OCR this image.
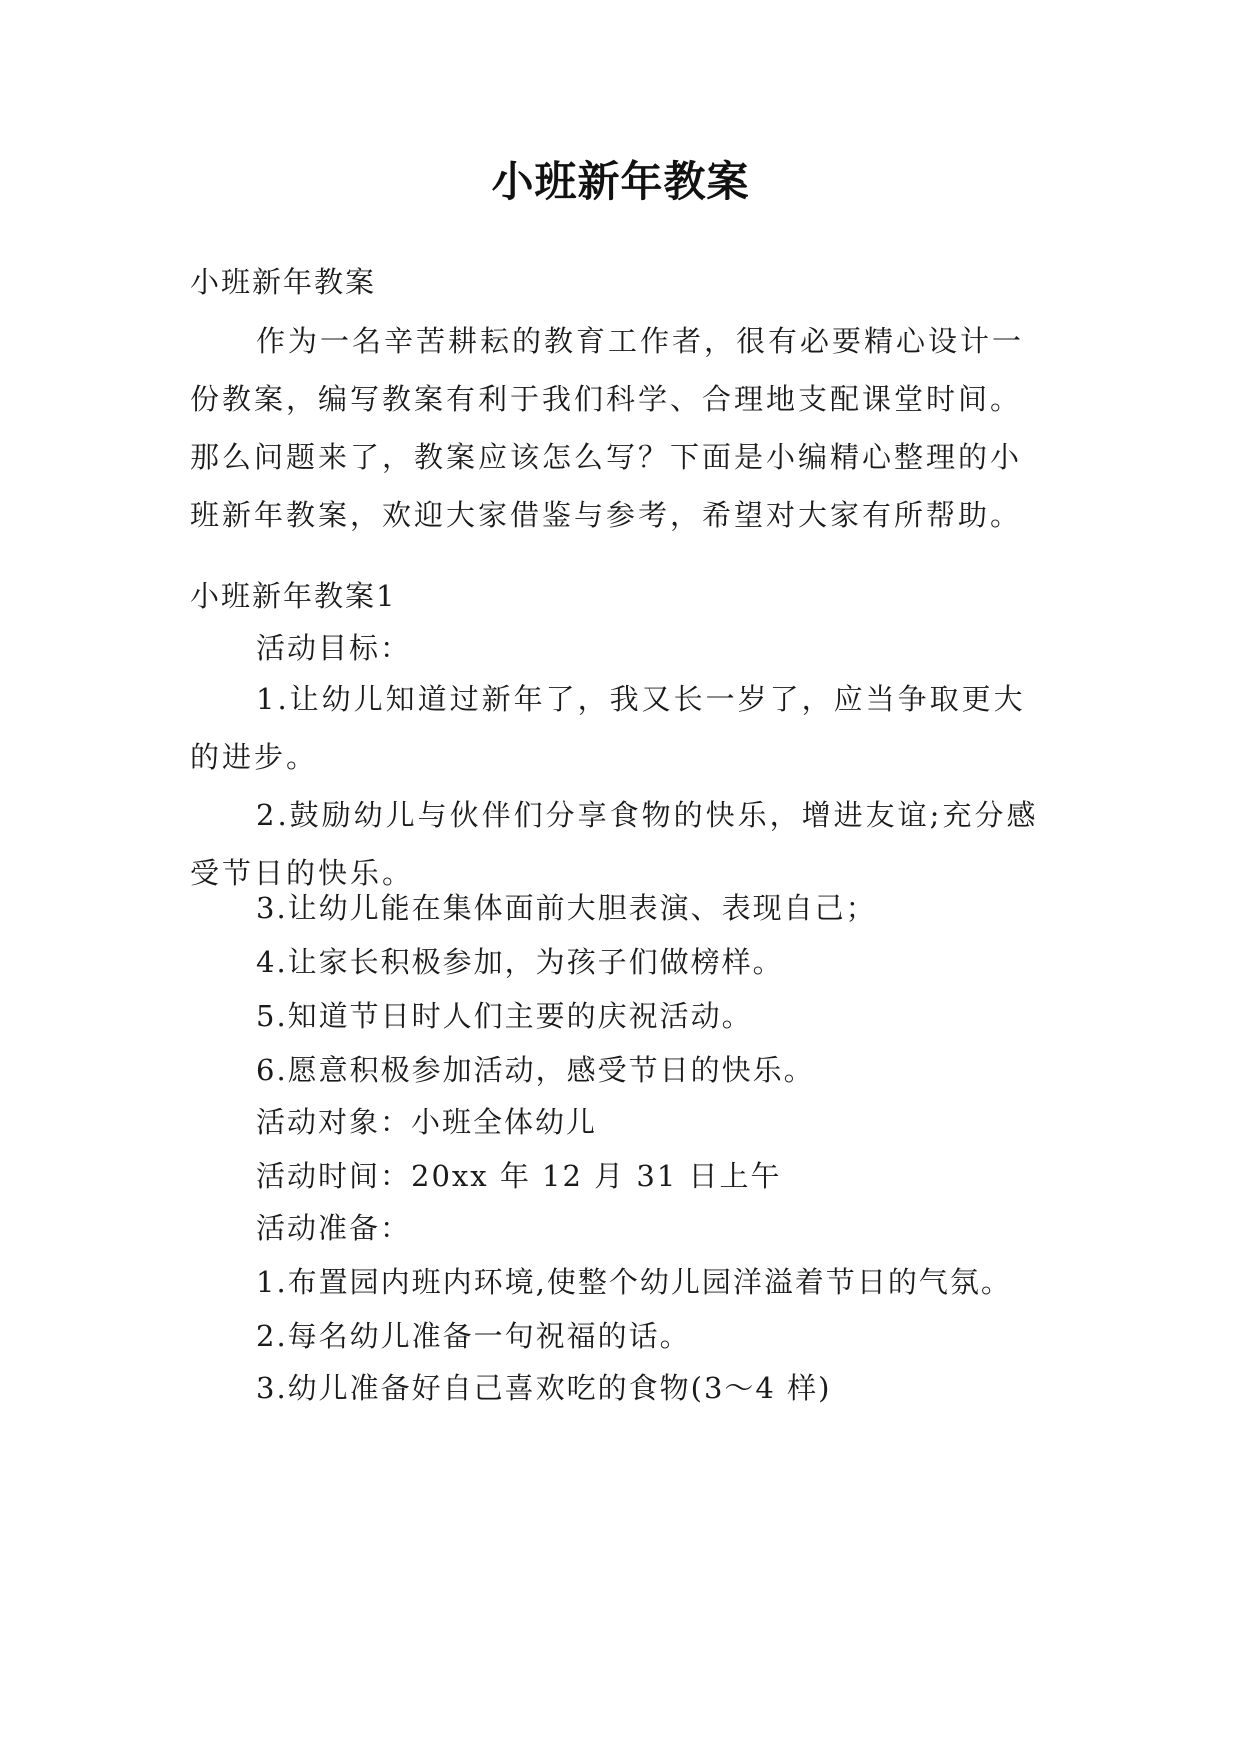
小班新年教案
小班新年教案
作为一名辛苦耕耘的教育工作者，很有必要精心设计一份教案，编写教案有利于我们科学、合理地支配课堂时间。那么问题来了，教案应该怎么写？下面是小编精心整理的小班新年教案，欢迎大家借鉴与参考，希望对大家有所帮助。
小班新年教案1
活动目标：
1.让幼儿知道过新年了，我又长一岁了，应当争取更大的进步。
2.鼓励幼儿与伙伴们分享食物的快乐，增进友谊;充分感受节日的快乐。
3.让幼儿能在集体面前大胆表演、表现自己；
4.让家长积极参加，为孩子们做榜样。
5.知道节日时人们主要的庆祝活动。
6.愿意积极参加活动，感受节日的快乐。
活动对象：小班全体幼儿
活动时间：20xx 年 12 月 31 日上午
活动准备：
1.布置园内班内环境,使整个幼儿园洋溢着节日的气氛。
2.每名幼儿准备一句祝福的话。
3.幼儿准备好自己喜欢吃的食物(3～4 样)
